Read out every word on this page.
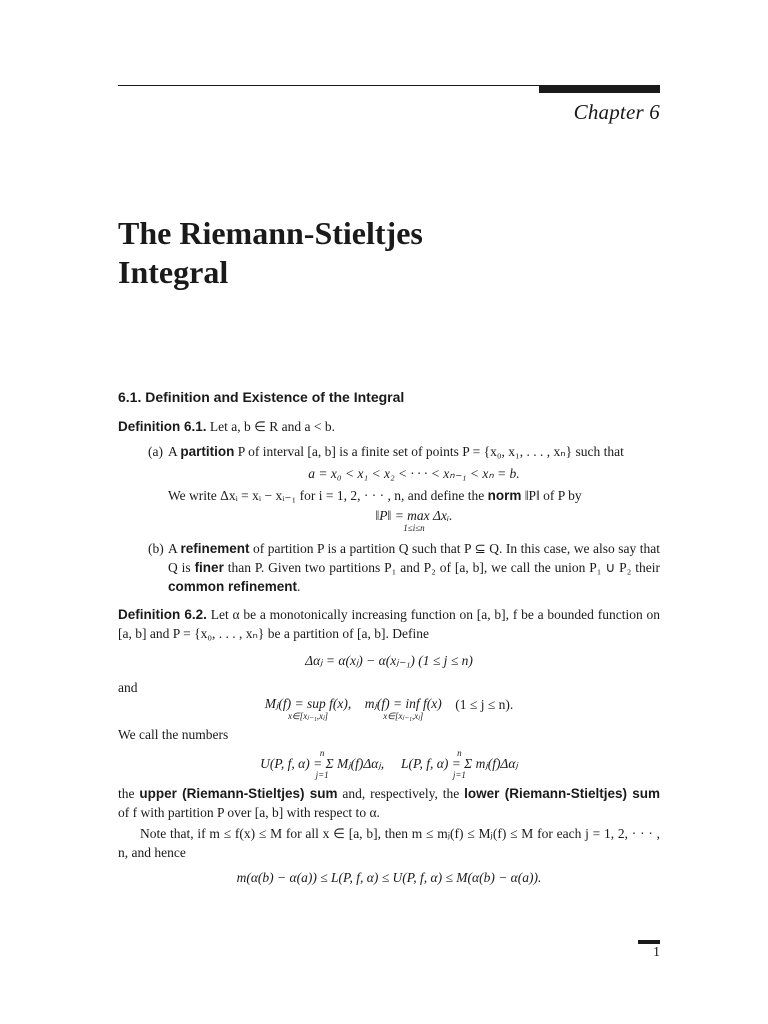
Chapter 6
The Riemann-Stieltjes
Integral
6.1. Definition and Existence of the Integral

Definition 6.1. Let a, b ∈ R and a < b.

(a) A partition P of interval [a, b] is a finite set of points P = {x₀, x₁, . . . , xₙ} such that

a = x₀ < x₁ < x₂ < · · · < xₙ₋₁ < xₙ = b.

We write Δxᵢ = xᵢ − xᵢ₋₁ for i = 1, 2, · · · , n, and define the norm ‖P‖ of P by
‖P‖ = max Δxᵢ.
1≤i≤n
(b) A refinement of partition P is a partition Q such that P ⊆ Q. In this case, we also say that Q is finer than P. Given two partitions P₁ and P₂ of [a, b], we call the union P₁ ∪ P₂ their common refinement.

Definition 6.2. Let α be a monotonically increasing function on [a, b], f be a bounded function on [a, b] and P = {x₀, . . . , xₙ} be a partition of [a, b]. Define

Δαⱼ = α(xⱼ) − α(xⱼ₋₁) (1 ≤ j ≤ n)

and

Mⱼ(f) = sup f(x),
x∈[xⱼ₋₁,xⱼ]
mⱼ(f) = inf f(x)
x∈[xⱼ₋₁,xⱼ]
(1 ≤ j ≤ n).

We call the numbers

n
U(P, f, α) = Σ Mⱼ(f)Δαⱼ,
j=1

n
L(P, f, α) = Σ mⱼ(f)Δαⱼ
j=1

the upper (Riemann-Stieltjes) sum and, respectively, the lower (Riemann-Stieltjes) sum of f with partition P over [a, b] with respect to α.

Note that, if m ≤ f(x) ≤ M for all x ∈ [a, b], then m ≤ mⱼ(f) ≤ Mⱼ(f) ≤ M for each j = 1, 2, · · · , n, and hence

m(α(b) − α(a)) ≤ L(P, f, α) ≤ U(P, f, α) ≤ M(α(b) − α(a)).

1
